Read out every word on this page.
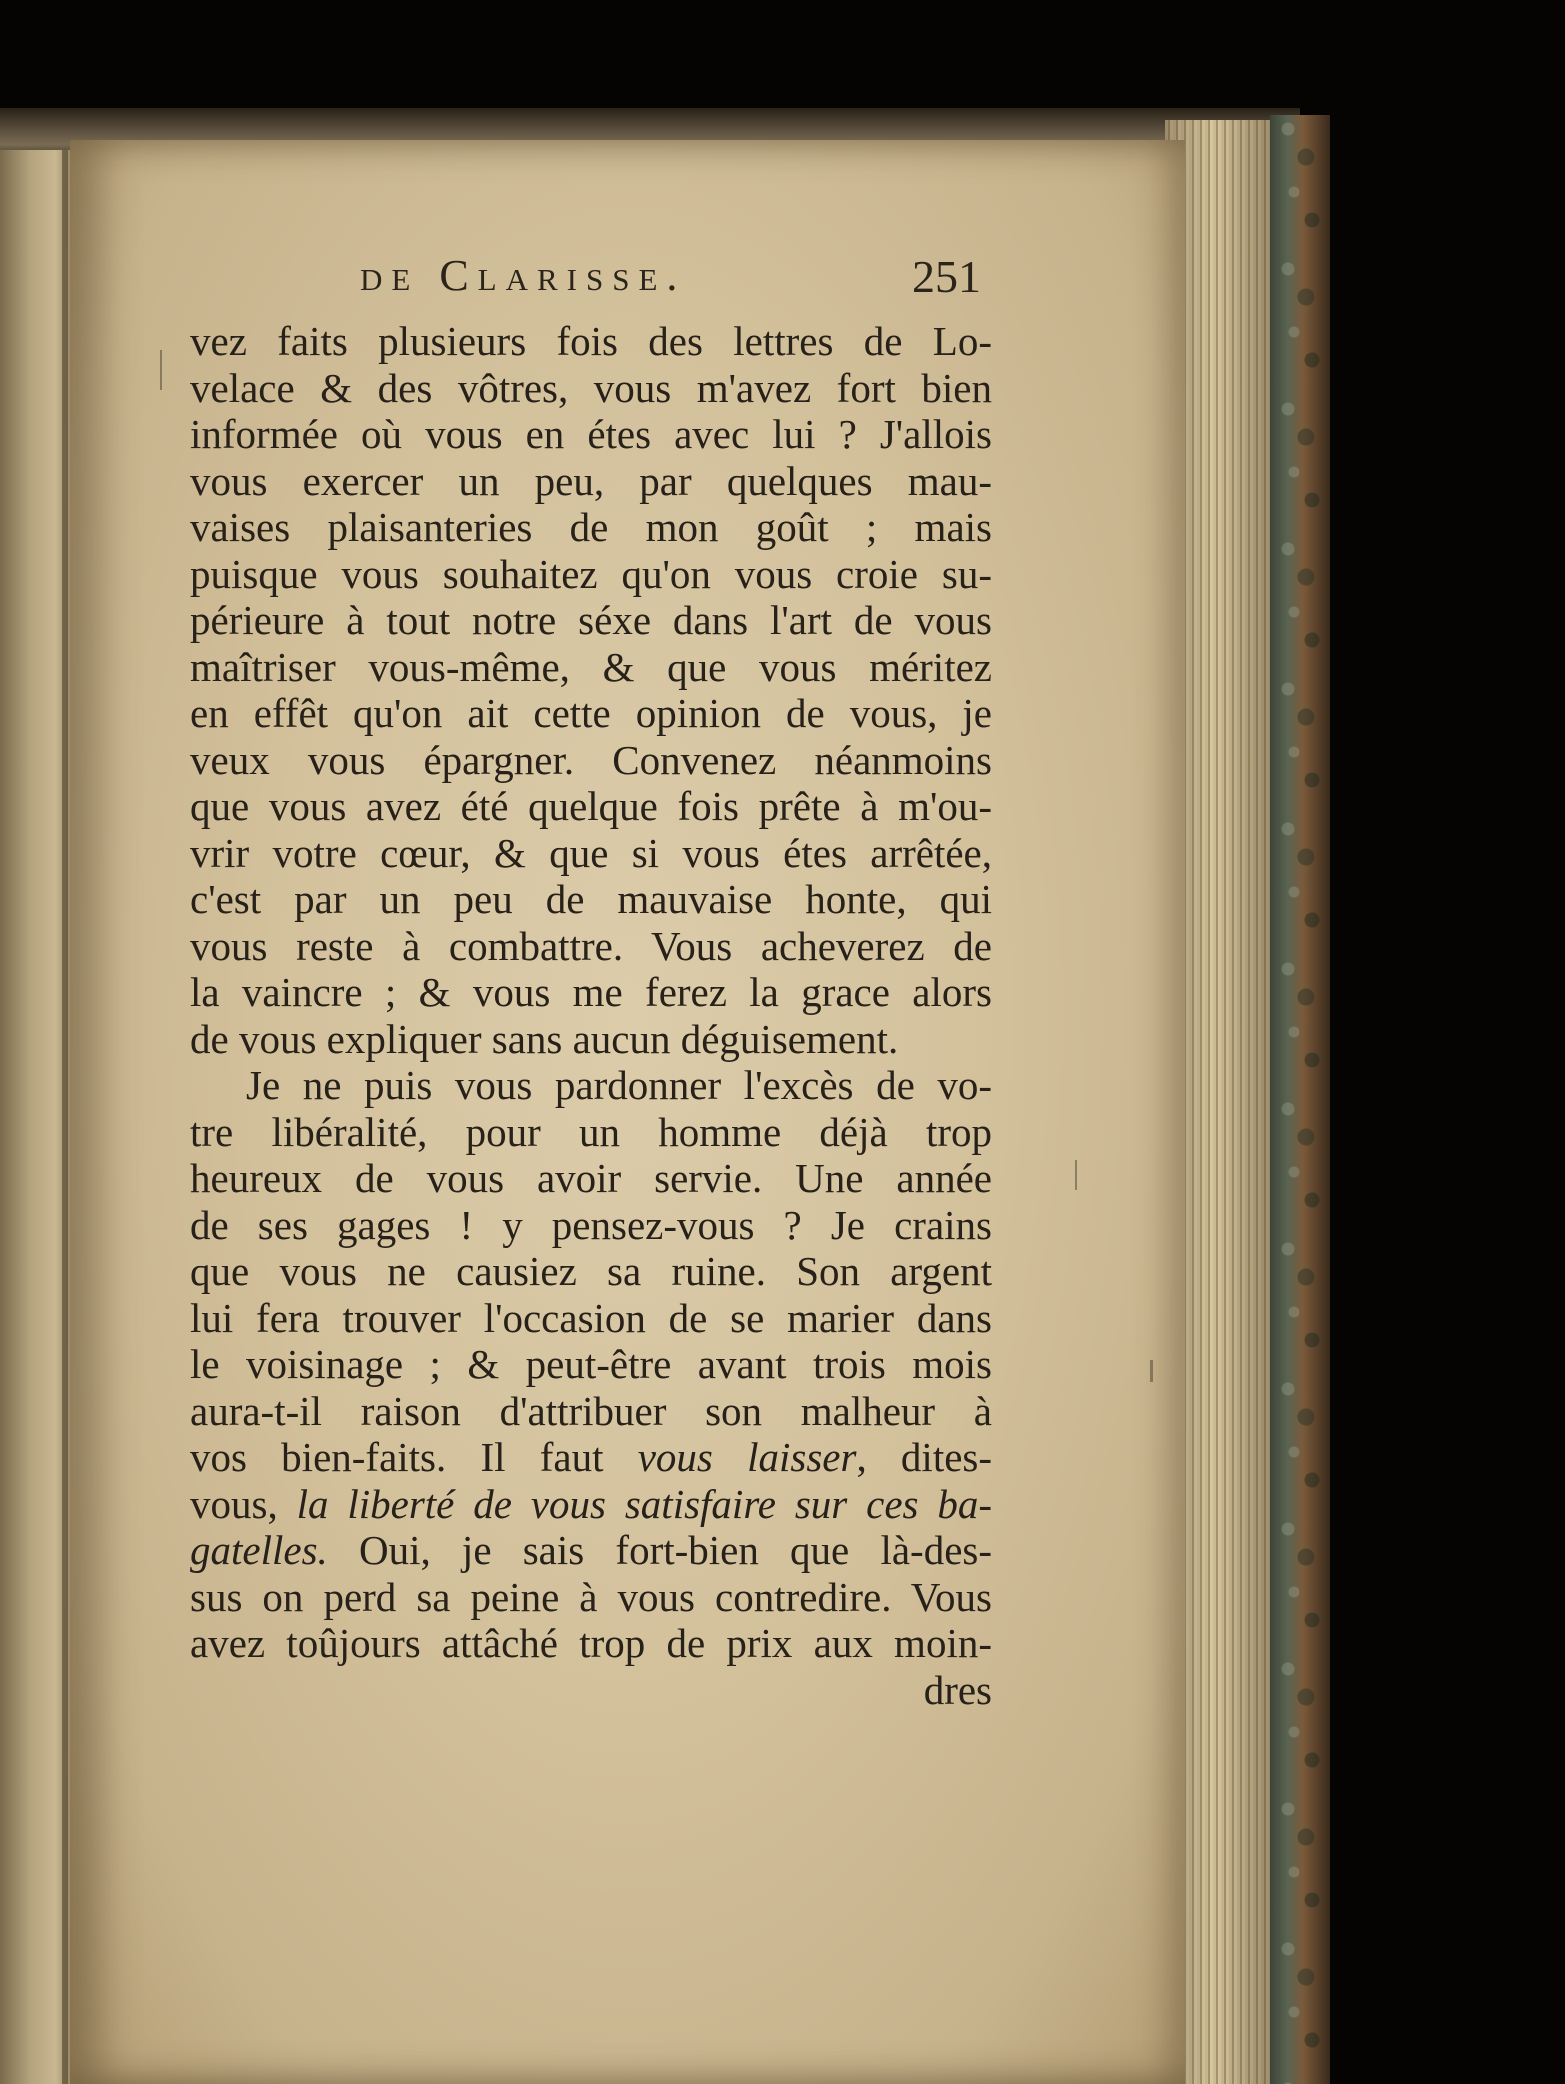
de Clarisse.	251
vez faits plusieurs fois des lettres de Lo-
velace & des vôtres, vous m'avez fort bien
informée où vous en étes avec lui ? J'allois
vous exercer un peu, par quelques mau-
vaises plaisanteries de mon goût ; mais
puisque vous souhaitez qu'on vous croie su-
périeure à tout notre séxe dans l'art de vous
maîtriser vous-même, & que vous méritez
en effêt qu'on ait cette opinion de vous, je
veux vous épargner. Convenez néanmoins
que vous avez été quelque fois prête à m'ou-
vrir votre cœur, & que si vous étes arrêtée,
c'est par un peu de mauvaise honte, qui
vous reste à combattre. Vous acheverez de
la vaincre ; & vous me ferez la grace alors
de vous expliquer sans aucun déguisement.
Je ne puis vous pardonner l'excès de vo-
tre libéralité, pour un homme déjà trop
heureux de vous avoir servie. Une année
de ses gages ! y pensez-vous ? Je crains
que vous ne causiez sa ruine. Son argent
lui fera trouver l'occasion de se marier dans
le voisinage ; & peut-être avant trois mois
aura-t-il raison d'attribuer son malheur à
vos bien-faits. Il faut vous laisser, dites-
vous, la liberté de vous satisfaire sur ces ba-
gatelles. Oui, je sais fort-bien que là-des-
sus on perd sa peine à vous contredire. Vous
avez toûjours attâché trop de prix aux moin-
dres
